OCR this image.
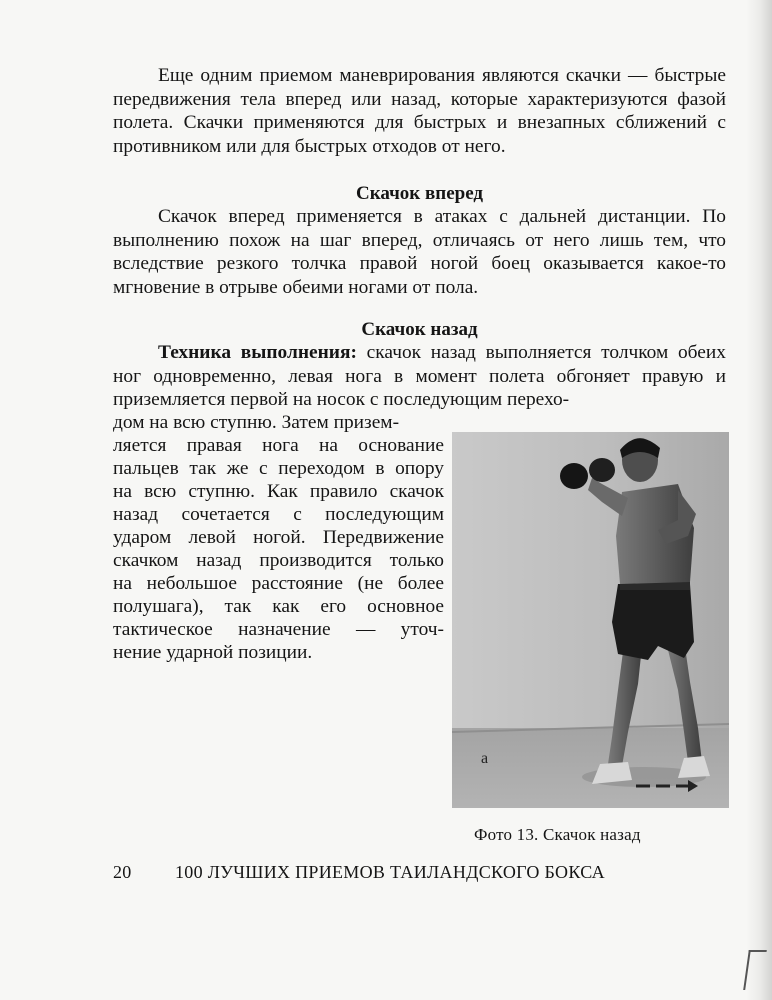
Еще одним приемом маневрирования являются скачки — быстрые передвижения тела вперед или назад, которые характеризуются фазой полета. Скачки применяются для быстрых и внезапных сближений с противником или для быстрых отходов от него.

Скачок вперед

Скачок вперед применяется в атаках с дальней дистанции. По выполнению похож на шаг вперед, отличаясь от него лишь тем, что вследствие резкого толчка правой ногой боец оказывается какое-то мгновение в отрыве обеими ногами от пола.

Скачок назад

Техника выполнения: скачок назад выполняется толчком обеих ног одновременно, левая нога в момент полета обгоняет правую и приземляется первой на носок с последующим перехо-

дом на всю ступню. Затем призем-

ляется правая нога на основание

пальцев так же с переходом в опору

на всю ступню. Как правило скачок

назад сочетается с последующим

ударом левой ногой. Передвижение

скачком назад производится только

на небольшое расстояние (не более

полушага), так как его основное

тактическое назначение — уточ-

нение ударной позиции.

а
Фото 13. Скачок назад
20 100 ЛУЧШИХ ПРИЕМОВ ТАИЛАНДСКОГО БОКСА
